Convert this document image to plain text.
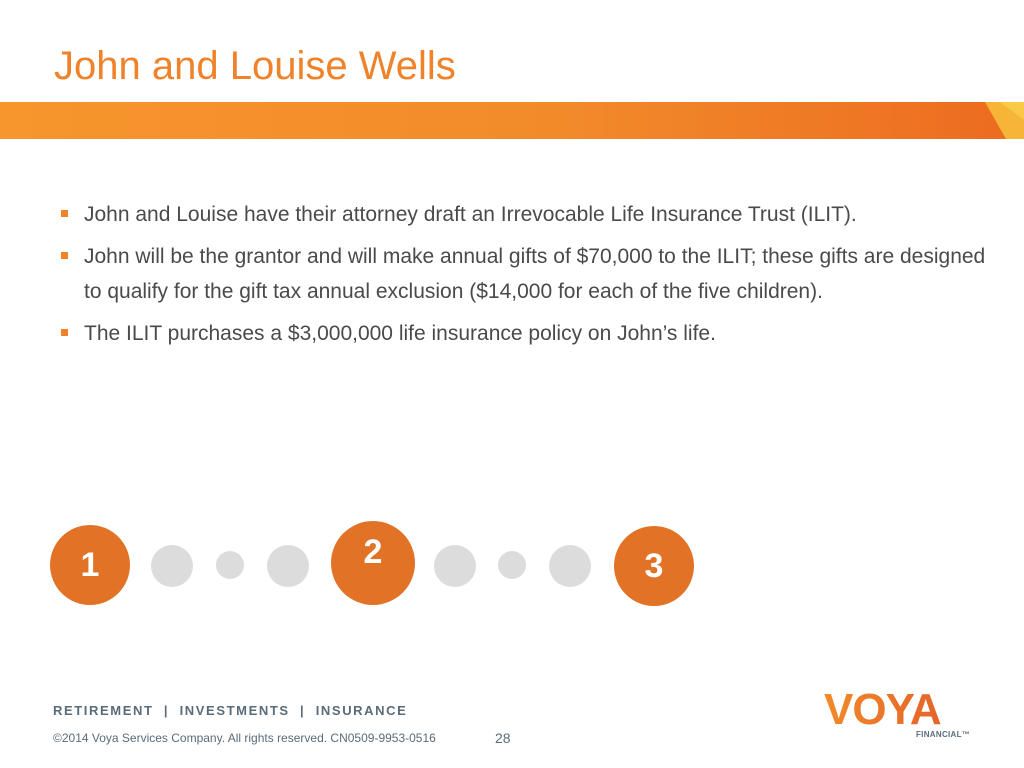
John and Louise Wells
John and Louise have their attorney draft an Irrevocable Life Insurance Trust (ILIT).
John will be the grantor and will make annual gifts of $70,000 to the ILIT; these gifts are designed to qualify for the gift tax annual exclusion ($14,000 for each of the five children).
The ILIT purchases a $3,000,000 life insurance policy on John’s life.
1	2	3
RETIREMENT  |  INVESTMENTS  |  INSURANCE
©2014 Voya Services Company. All rights reserved. CN0509-9953-0516	28
VOYA
FINANCIAL™
